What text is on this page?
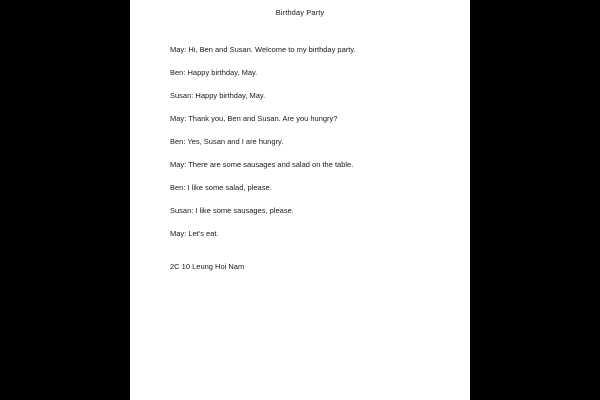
Birthday Party
May: Hi, Ben and Susan. Welcome to my birthday party.
Ben: Happy birthday, May.
Susan: Happy birthday, May.
May: Thank you, Ben and Susan. Are you hungry?
Ben: Yes, Susan and I are hungry.
May: There are some sausages and salad on the table.
Ben: I like some salad, please.
Susan: I like some sausages, please.
May: Let's eat.
2C 10 Leung Hoi Nam
